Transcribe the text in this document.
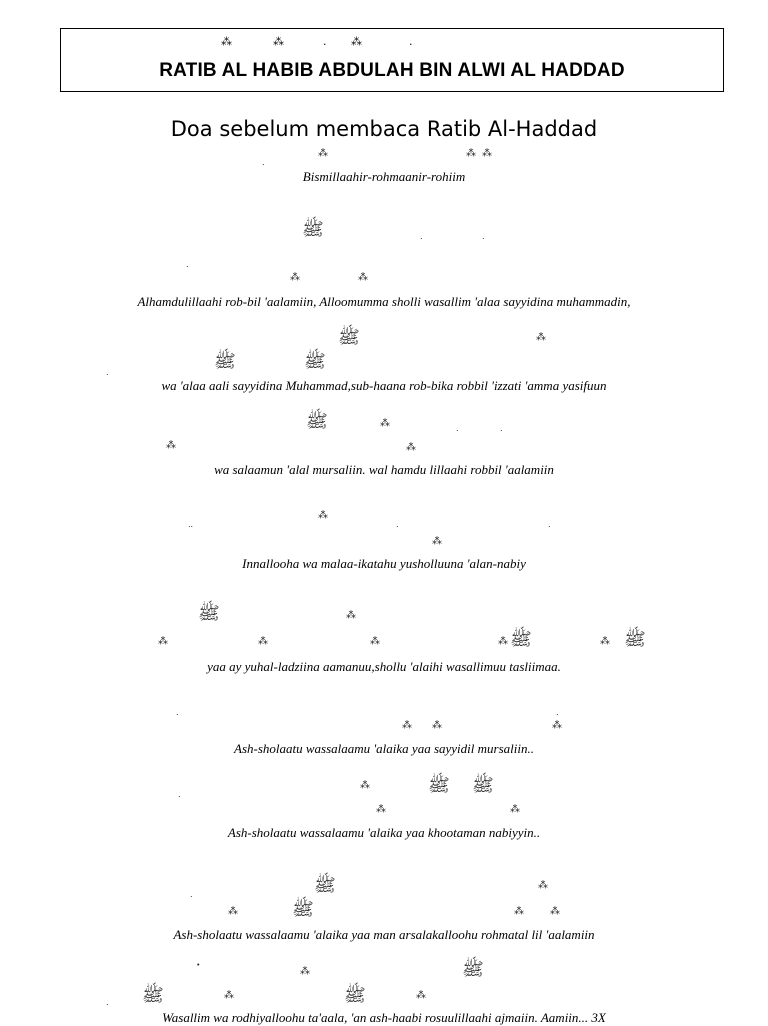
⁂	⁂	. ⁂	.
RATIB AL HABIB ABDULAH BIN ALWI AL HADDAD
Doa sebelum membaca Ratib Al-Haddad
⁂	⁂ ⁂
.
Bismillaahir-rohmaanir-rohiim
ﷺ	.	.
.
⁂	⁂
Alhamdulillaahi rob-bil 'aalamiin, Alloomumma sholli wasallim 'alaa sayyidina muhammadin,
ﷺ	⁂
ﷺ	ﷺ
.
wa 'alaa aali sayyidina Muhammad,sub-haana rob-bika robbil 'izzati 'amma yasifuun
ﷺ	⁂
⁂	⁂
.	.
wa salaamun 'alal mursaliin. wal hamdu lillaahi robbil 'aalamiin
⁂
..	.	.
⁂
Innallooha wa malaa-ikatahu yusholluuna 'alan-nabiy
ﷺ	⁂
⁂	⁂	⁂	⁂ ﷺ	⁂ ﷺ
yaa ay yuhal-ladziina aamanuu,shollu 'alaihi wasallimuu tasliimaa.
.	.
⁂ ⁂	⁂
Ash-sholaatu wassalaamu 'alaika yaa sayyidil mursaliin..
⁂	ﷺ ﷺ
.
⁂	⁂
Ash-sholaatu wassalaamu 'alaika yaa khootaman nabiyyin..
ﷺ	⁂
.
⁂	ﷺ	⁂	⁂
Ash-sholaatu wassalaamu 'alaika yaa man arsalakalloohu rohmatal lil 'aalamiin
⁂	ﷺ
ﷺ	⁂	ﷺ	⁂
.
Wasallim wa rodhiyalloohu ta'aala, 'an ash-haabi rosuulillaahi ajmaiin. Aamiin... 3X
